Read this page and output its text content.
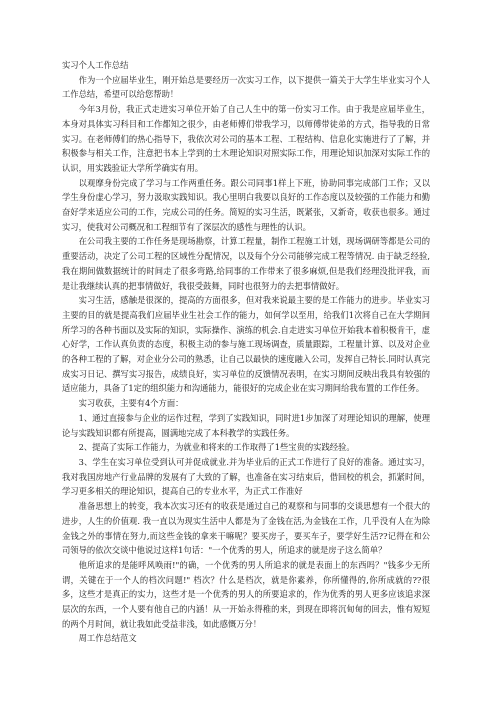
实习个人工作总结

作为一个应届毕业生，刚开始总是要经历一次实习工作，以下提供一篇关于大学生毕业实习个人工作总结，希望可以给您帮助！

今年3月份，我正式走进实习单位开始了自己人生中的第一份实习工作。由于我是应届毕业生，本身对具体实习科目和工作都知之很少，由老师傅们带我学习，以师傅带徒弟的方式，指导我的日常实习。在老师傅们的热心指导下，我依次对公司的基本工程、工程结构、信息化实施进行了了解，并积极参与相关工作，注意把书本上学到的土木理论知识对照实际工作，用理论知识加深对实际工作的认识，用实践验证大学所学确实有用。

以观摩身份完成了学习与工作两重任务。跟公司同事1样上下班，协助同事完成部门工作；又以学生身份虚心学习，努力汲取实践知识。我心里明白我要以良好的工作态度以及较强的工作能力和勤奋好学来适应公司的工作，完成公司的任务。简短的实习生活，既紧张，又新奇，收获也很多。通过实习，使我对公司概况和工程细节有了深层次的感性与理性的认识。

在公司我主要的工作任务是现场勘察，计算工程量，制作工程施工计划，现场调研等都是公司的重要活动，决定了公司工程的区域性分配情况，以及每个分公司能够完成工程等情况. 由于缺乏经验,我在期间做数据统计的时间走了很多弯路,给同事的工作带来了很多麻烦,但是我们经理没批评我，而是让我继续认真的把事情做好，我很受鼓舞，同时也很努力的去把事情做好。

实习生活，感触是很深的，提高的方面很多，但对我来说最主要的是工作能力的进步。毕业实习主要的目的就是提高我们应届毕业生社会工作的能力，如何学以至用，给我们1次将自己在大学期间所学习的各种书面以及实际的知识，实际操作、演练的机会.自走进实习单位开始我本着积极肯干，虚心好学，工作认真负责的态度，积极主动的参与施工现场调查，质量跟踪，工程量计算、以及对企业的各种工程的了解，对企业分公司的熟悉，让自己以最快的速度融入公司，发挥自己特长.同时认真完成实习日记、撰写实习报告，成绩良好，实习单位的反馈情况表明，在实习期间反映出我具有较强的适应能力，具备了1定的组织能力和沟通能力，能很好的完成企业在实习期间给我布置的工作任务。

实习收获，主要有4个方面：

1、通过直接参与企业的运作过程，学到了实践知识，同时进1步加深了对理论知识的理解，使理论与实践知识都有所提高，圆满地完成了本科教学的实践任务。

2、提高了实际工作能力，为就业和将来的工作取得了1些宝贵的实践经验。

3、学生在实习单位受到认可并促成就业.并为毕业后的正式工作进行了良好的准备。通过实习，我对我国房地产行业品牌的发展有了大致的了解，也准备在实习结束后，借回校的机会，抓紧时间，学习更多相关的理论知识，提高自己的专业水平，为正式工作准好

准备思想上的转变，我本次实习还有的收获是通过自己的观察和与同事的交谈思想有一个很大的进步，人生的价值观. 我一直以为现实生活中人都是为了金钱在活,为金钱在工作，几乎没有人在为除金钱之外的事情在努力,而这些金钱的拿来干嘛呢？要买房子，要买车子，要学好生活??记得在和公司领导的依次交谈中他说过这样1句话："一个优秀的男人，所追求的就是房子这么简单？

他所追求的是能呼风唤雨!"的确，一个优秀的男人所追求的就是表面上的东西吗？"钱多少无所谓，关键在于一个人的档次问题!" 档次？什么是档次，就是你素养，你所懂得的,你所成就的??很多，这些才是真正的实力，这些才是一个优秀的男人的所要追求的，作为优秀的男人更多应该追求深层次的东西，一个人要有他自己的内涵！从一开始永得稚的来，到现在即将沉甸甸的回去，惟有短短的两个月时间，就让我如此受益非浅，如此感慨万分！

周工作总结范文
